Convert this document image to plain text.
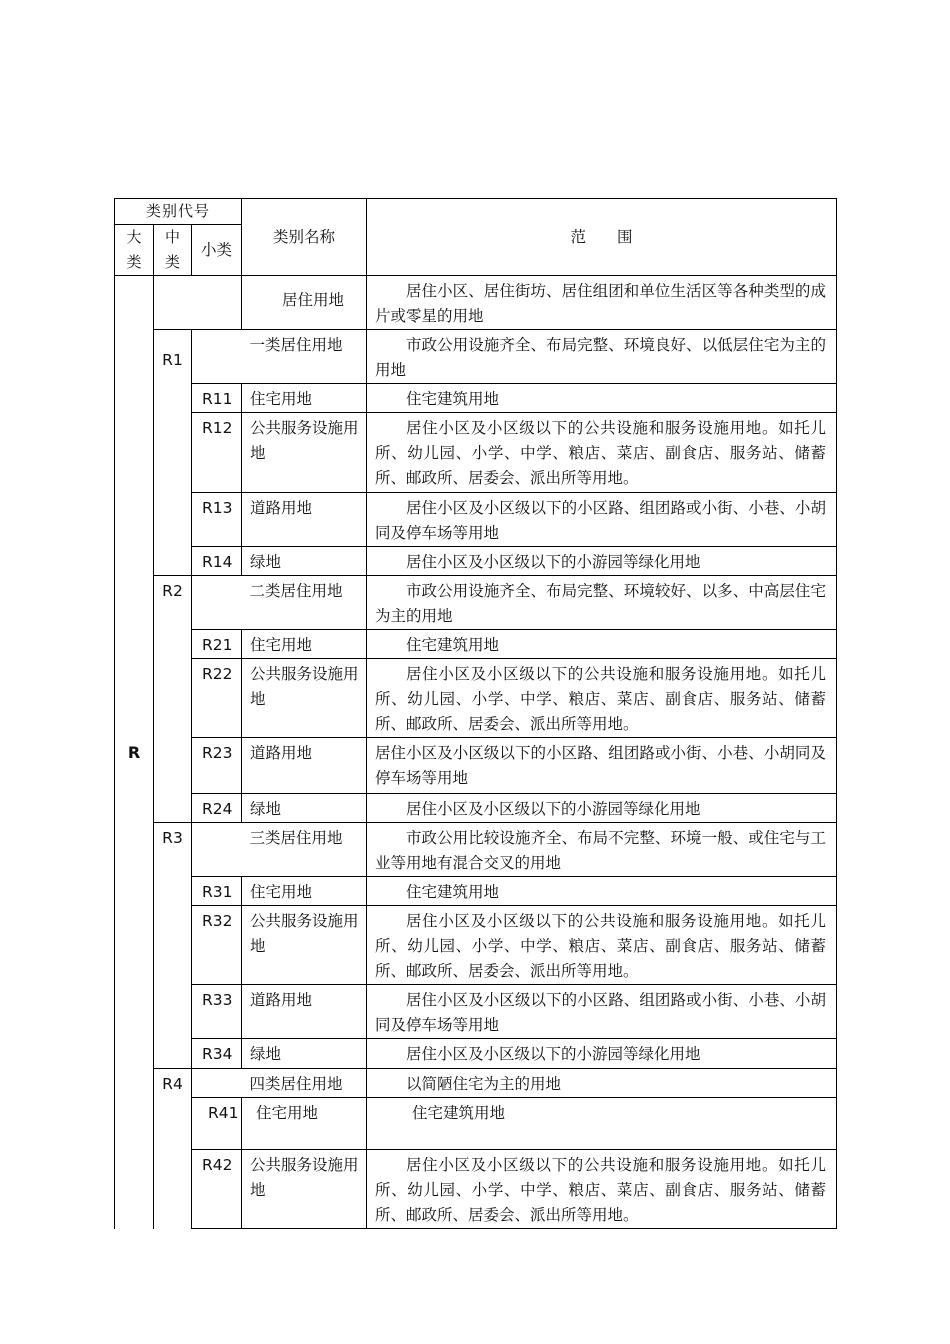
类别代号			类别名称	范　　围
大类	中类	小类		
R			居住用地	居住小区、居住街坊、居住组团和单位生活区等各种类型的成片或零星的用地
	R1		一类居住用地	市政公用设施齐全、布局完整、环境良好、以低层住宅为主的用地
		R11	住宅用地	住宅建筑用地
		R12	公共服务设施用地	居住小区及小区级以下的公共设施和服务设施用地。如托儿所、幼儿园、小学、中学、粮店、菜店、副食店、服务站、储蓄所、邮政所、居委会、派出所等用地。
		R13	道路用地	居住小区及小区级以下的小区路、组团路或小街、小巷、小胡同及停车场等用地
		R14	绿地	居住小区及小区级以下的小游园等绿化用地
	R2		二类居住用地	市政公用设施齐全、布局完整、环境较好、以多、中高层住宅为主的用地
		R21	住宅用地	住宅建筑用地
		R22	公共服务设施用地	居住小区及小区级以下的公共设施和服务设施用地。如托儿所、幼儿园、小学、中学、粮店、菜店、副食店、服务站、储蓄所、邮政所、居委会、派出所等用地。
		R23	道路用地	居住小区及小区级以下的小区路、组团路或小街、小巷、小胡同及停车场等用地
		R24	绿地	居住小区及小区级以下的小游园等绿化用地
	R3		三类居住用地	市政公用比较设施齐全、布局不完整、环境一般、或住宅与工业等用地有混合交叉的用地
		R31	住宅用地	住宅建筑用地
		R32	公共服务设施用地	居住小区及小区级以下的公共设施和服务设施用地。如托儿所、幼儿园、小学、中学、粮店、菜店、副食店、服务站、储蓄所、邮政所、居委会、派出所等用地。
		R33	道路用地	居住小区及小区级以下的小区路、组团路或小街、小巷、小胡同及停车场等用地
		R34	绿地	居住小区及小区级以下的小游园等绿化用地
	R4		四类居住用地	以简陋住宅为主的用地
		R41	住宅用地	住宅建筑用地
		R42	公共服务设施用地	居住小区及小区级以下的公共设施和服务设施用地。如托儿所、幼儿园、小学、中学、粮店、菜店、副食店、服务站、储蓄所、邮政所、居委会、派出所等用地。
